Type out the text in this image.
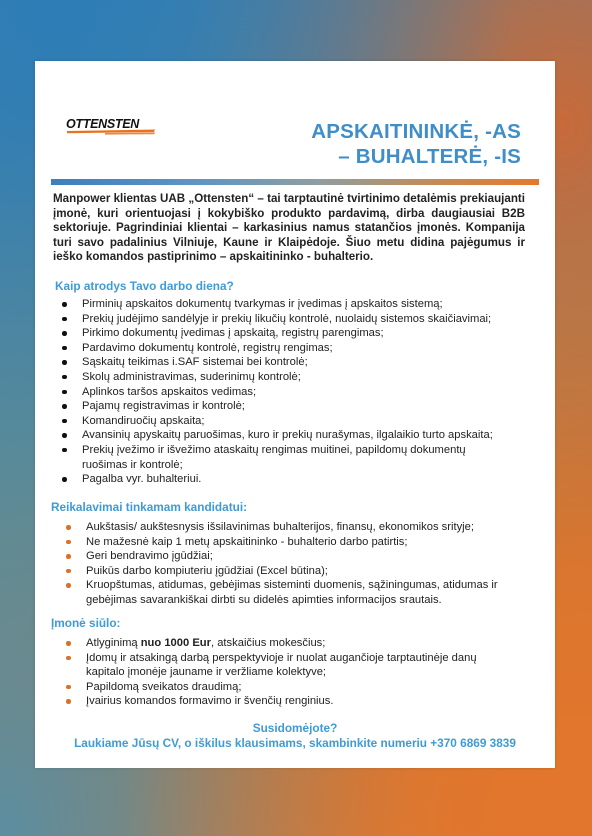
OTTENSTEN	APSKAITININKĖ, -AS
– BUHALTERĖ, -IS
Manpower klientas UAB „Ottensten“ – tai tarptautinė tvirtinimo detalėmis prekiaujanti įmonė, kuri orientuojasi į kokybiško produkto pardavimą, dirba daugiausiai B2B sektoriuje. Pagrindiniai klientai – karkasinius namus statančios įmonės. Kompanija turi savo padalinius Vilniuje, Kaune ir Klaipėdoje. Šiuo metu didina pajėgumus ir ieško komandos pastiprinimo – apskaitininko - buhalterio.
Kaip atrodys Tavo darbo diena?
Pirminių apskaitos dokumentų tvarkymas ir įvedimas į apskaitos sistemą;
Prekių judėjimo sandėlyje ir prekių likučių kontrolė, nuolaidų sistemos skaičiavimai;
Pirkimo dokumentų įvedimas į apskaitą, registrų parengimas;
Pardavimo dokumentų kontrolė, registrų rengimas;
Sąskaitų teikimas i.SAF sistemai bei kontrolė;
Skolų administravimas, suderinimų kontrolė;
Aplinkos taršos apskaitos vedimas;
Pajamų registravimas ir kontrolė;
Komandiruočių apskaita;
Avansinių apyskaitų paruošimas, kuro ir prekių nurašymas, ilgalaikio turto apskaita;
Prekių įvežimo ir išvežimo ataskaitų rengimas muitinei, papildomų dokumentų ruošimas ir kontrolė;
Pagalba vyr. buhalteriui.
Reikalavimai tinkamam kandidatui:
Aukštasis/ aukštesnysis išsilavinimas buhalterijos, finansų, ekonomikos srityje;
Ne mažesnė kaip 1 metų apskaitininko - buhalterio darbo patirtis;
Geri bendravimo įgūdžiai;
Puikūs darbo kompiuteriu įgūdžiai (Excel būtina);
Kruopštumas, atidumas, gebėjimas sisteminti duomenis, sąžiningumas, atidumas ir gebėjimas savarankiškai dirbti su didelės apimties informacijos srautais.
Įmonė siūlo:
Atlyginimą nuo 1000 Eur, atskaičius mokesčius;
Įdomų ir atsakingą darbą perspektyvioje ir nuolat augančioje tarptautinėje danų kapitalo įmonėje jauname ir veržliame kolektyve;
Papildomą sveikatos draudimą;
Įvairius komandos formavimo ir švenčių renginius.
Susidomėjote?
Laukiame Jūsų CV, o iškilus klausimams, skambinkite numeriu +370 6869 3839
